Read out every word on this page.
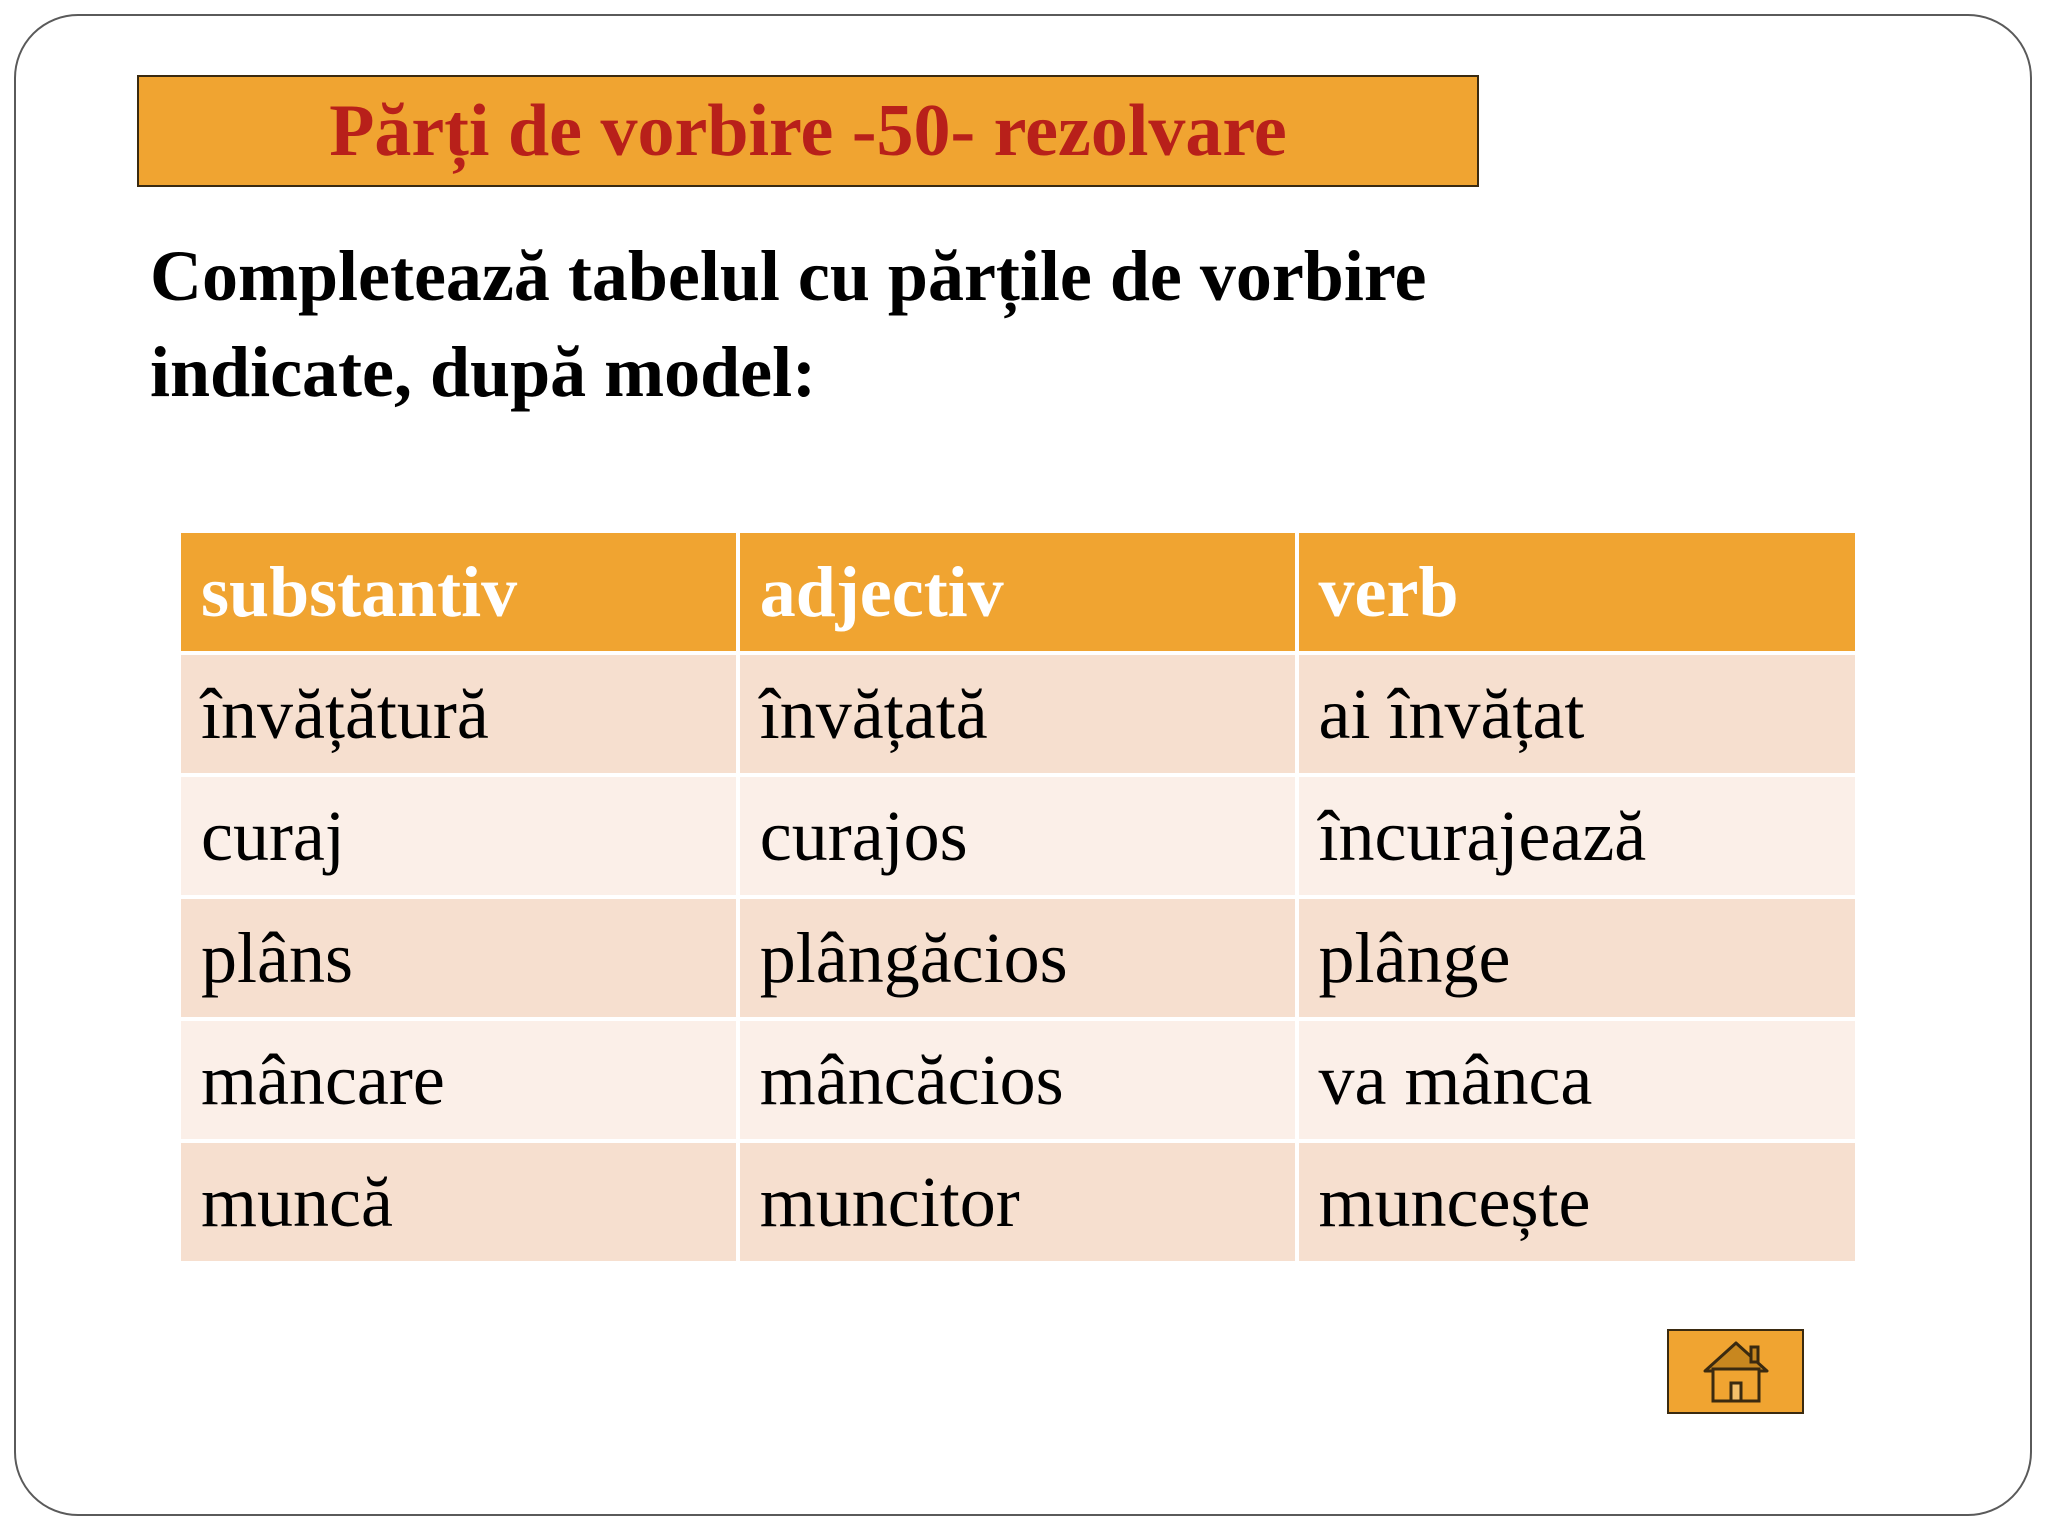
Părți de vorbire -50- rezolvare
Completează tabelul cu părțile de vorbire
indicate, după model:
substantiv	adjectiv	verb
învățătură	învățată	ai învățat
curaj	curajos	încurajează
plâns	plângăcios	plânge
mâncare	mâncăcios	va mânca
muncă	muncitor	muncește
